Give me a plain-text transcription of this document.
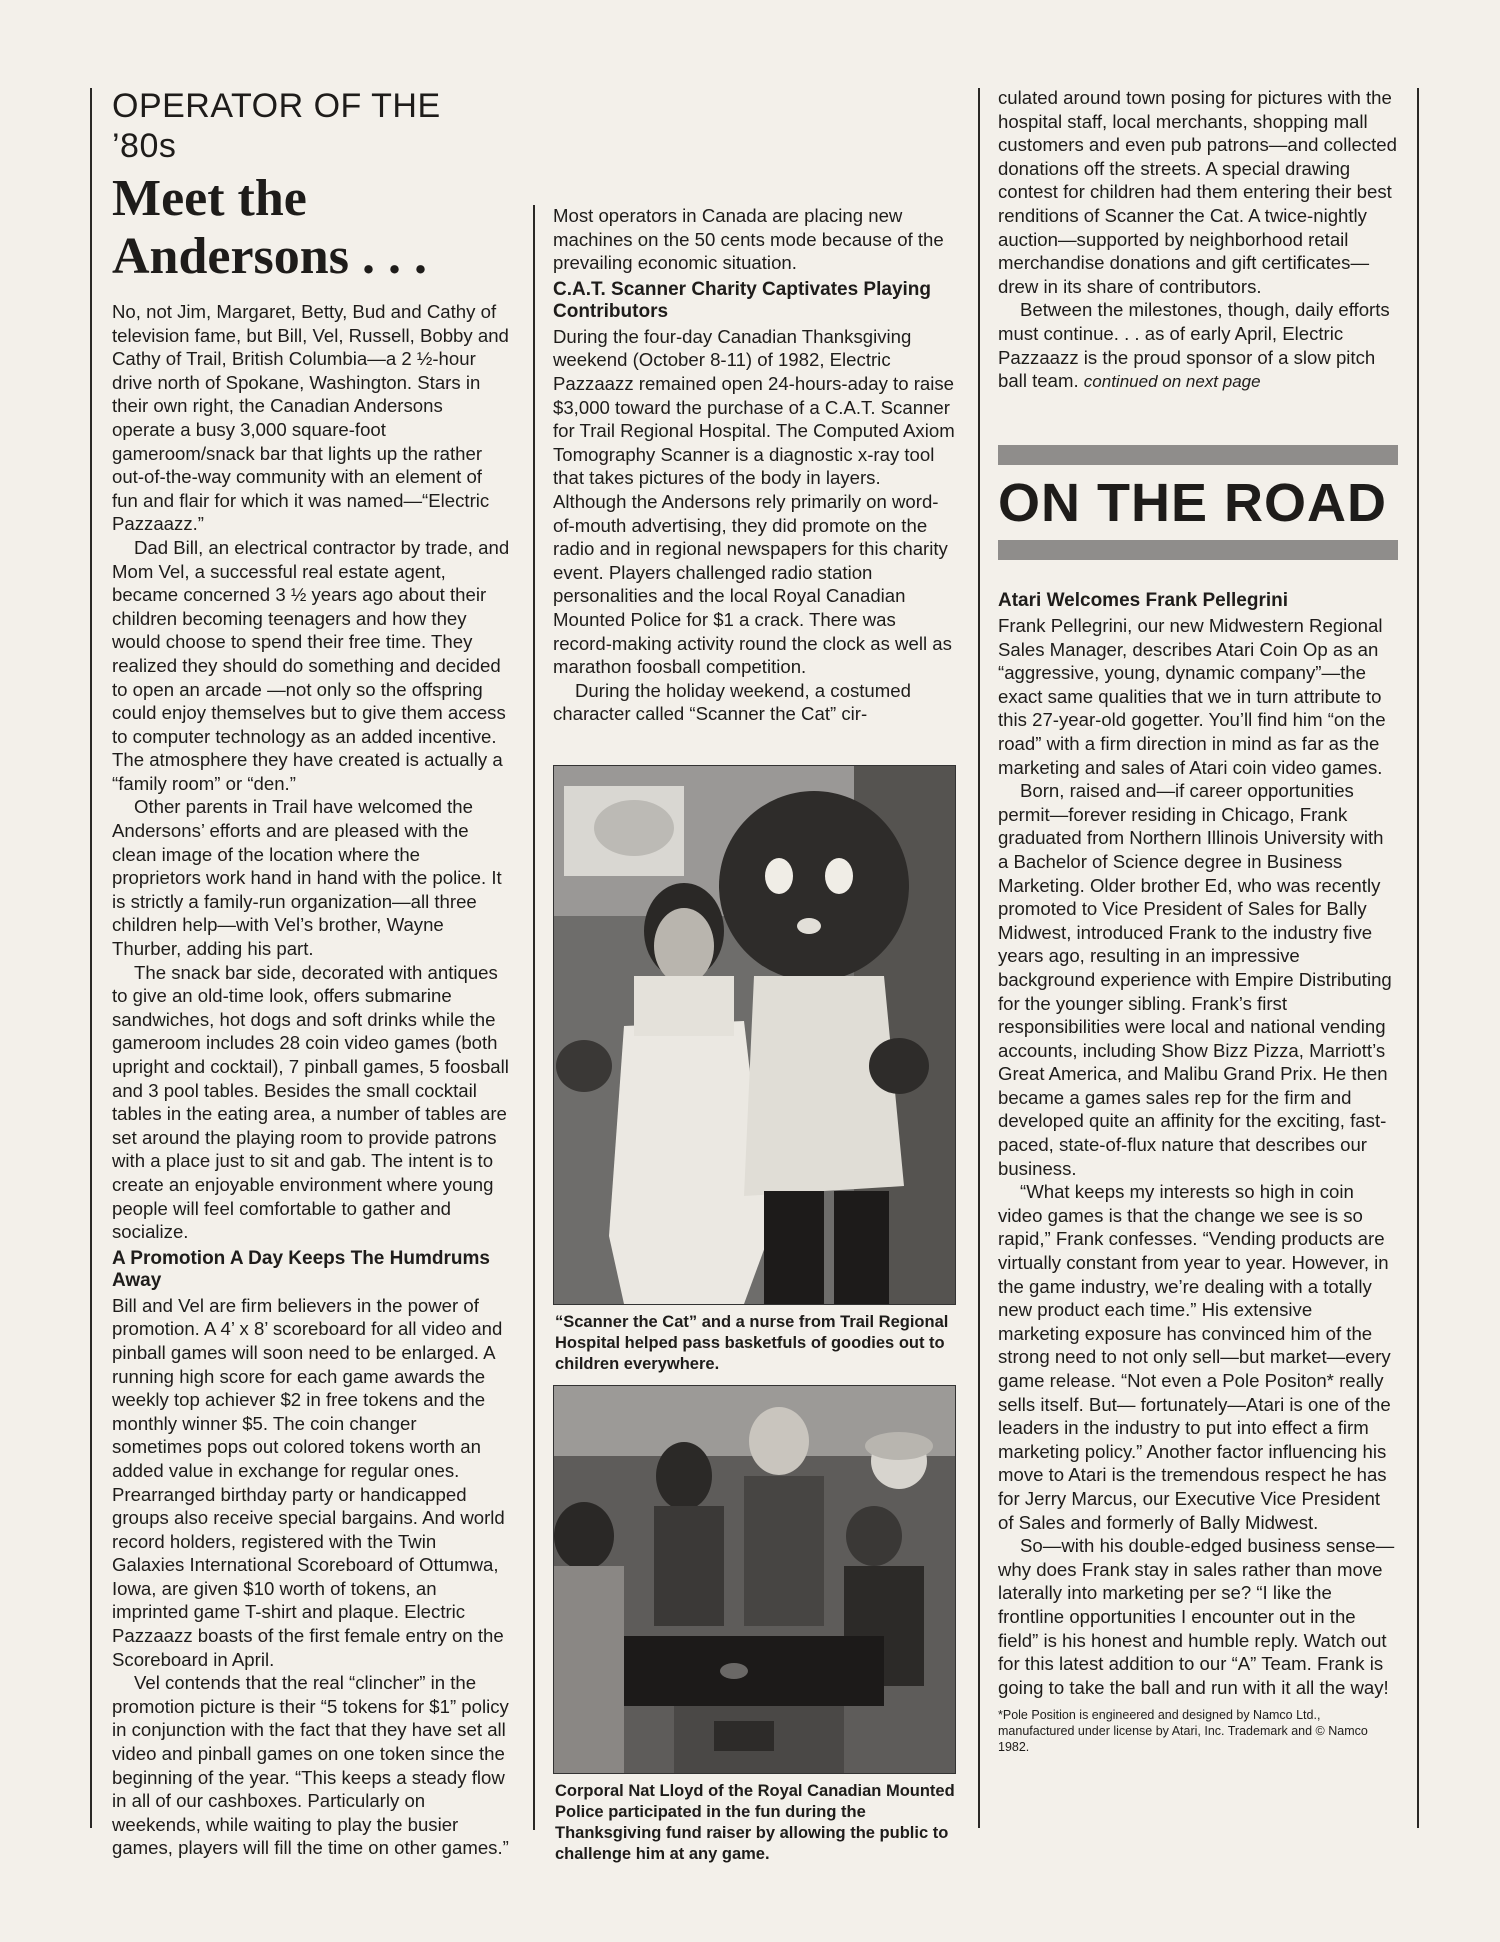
OPERATOR OF THE ’80s
Meet the Andersons . . .

No, not Jim, Margaret, Betty, Bud and Cathy of television fame, but Bill, Vel, Russell, Bobby and Cathy of Trail, British Columbia—a 2 ½-hour drive north of Spokane, Washington. Stars in their own right, the Canadian Andersons operate a busy 3,000 square-foot gameroom/snack bar that lights up the rather out-of-the-way community with an element of fun and flair for which it was named—“Electric Pazzaazz.”

Dad Bill, an electrical contractor by trade, and Mom Vel, a successful real estate agent, became concerned 3 ½ years ago about their children becoming teenagers and how they would choose to spend their free time. They realized they should do something and decided to open an arcade —not only so the offspring could enjoy themselves but to give them access to computer technology as an added incentive. The atmosphere they have created is actually a “family room” or “den.”

Other parents in Trail have welcomed the Andersons’ efforts and are pleased with the clean image of the location where the proprietors work hand in hand with the police. It is strictly a family-run organization—all three children help—with Vel’s brother, Wayne Thurber, adding his part.

The snack bar side, decorated with antiques to give an old-time look, offers submarine sandwiches, hot dogs and soft drinks while the gameroom includes 28 coin video games (both upright and cocktail), 7 pinball games, 5 foosball and 3 pool tables. Besides the small cocktail tables in the eating area, a number of tables are set around the playing room to provide patrons with a place just to sit and gab. The intent is to create an enjoyable environment where young people will feel comfortable to gather and socialize.

A Promotion A Day Keeps The Humdrums Away

Bill and Vel are firm believers in the power of promotion. A 4’ x 8’ scoreboard for all video and pinball games will soon need to be enlarged. A running high score for each game awards the weekly top achiever $2 in free tokens and the monthly winner $5. The coin changer sometimes pops out colored tokens worth an added value in exchange for regular ones. Prearranged birthday party or handicapped groups also receive special bargains. And world record holders, registered with the Twin Galaxies International Scoreboard of Ottumwa, Iowa, are given $10 worth of tokens, an imprinted game T-shirt and plaque. Electric Pazzaazz boasts of the first female entry on the Scoreboard in April.

Vel contends that the real “clincher” in the promotion picture is their “5 tokens for $1” policy in conjunction with the fact that they have set all video and pinball games on one token since the beginning of the year. “This keeps a steady flow in all of our cashboxes. Particularly on weekends, while waiting to play the busier games, players will fill the time on other games.”

Most operators in Canada are placing new machines on the 50 cents mode because of the prevailing economic situation.

C.A.T. Scanner Charity Captivates Playing Contributors

During the four-day Canadian Thanksgiving weekend (October 8-11) of 1982, Electric Pazzaazz remained open 24-hours-aday to raise $3,000 toward the purchase of a C.A.T. Scanner for Trail Regional Hospital. The Computed Axiom Tomography Scanner is a diagnostic x-ray tool that takes pictures of the body in layers. Although the Andersons rely primarily on word-of-mouth advertising, they did promote on the radio and in regional newspapers for this charity event. Players challenged radio station personalities and the local Royal Canadian Mounted Police for $1 a crack. There was record-making activity round the clock as well as marathon foosball competition.

During the holiday weekend, a costumed character called “Scanner the Cat” cir-

“Scanner the Cat” and a nurse from Trail Regional Hospital helped pass basketfuls of goodies out to children everywhere.
Corporal Nat Lloyd of the Royal Canadian Mounted Police participated in the fun during the Thanksgiving fund raiser by allowing the public to challenge him at any game.

culated around town posing for pictures with the hospital staff, local merchants, shopping mall customers and even pub patrons—and collected donations off the streets. A special drawing contest for children had them entering their best renditions of Scanner the Cat. A twice-nightly auction—supported by neighborhood retail merchandise donations and gift certificates—drew in its share of contributors.

Between the milestones, though, daily efforts must continue. . . as of early April, Electric Pazzaazz is the proud sponsor of a slow pitch ball team. continued on next page

ON THE ROAD
Atari Welcomes Frank Pellegrini

Frank Pellegrini, our new Midwestern Regional Sales Manager, describes Atari Coin Op as an “aggressive, young, dynamic company”—the exact same qualities that we in turn attribute to this 27-year-old gogetter. You’ll find him “on the road” with a firm direction in mind as far as the marketing and sales of Atari coin video games.

Born, raised and—if career opportunities permit—forever residing in Chicago, Frank graduated from Northern Illinois University with a Bachelor of Science degree in Business Marketing. Older brother Ed, who was recently promoted to Vice President of Sales for Bally Midwest, introduced Frank to the industry five years ago, resulting in an impressive background experience with Empire Distributing for the younger sibling. Frank’s first responsibilities were local and national vending accounts, including Show Bizz Pizza, Marriott’s Great America, and Malibu Grand Prix. He then became a games sales rep for the firm and developed quite an affinity for the exciting, fast-paced, state-of-flux nature that describes our business.

“What keeps my interests so high in coin video games is that the change we see is so rapid,” Frank confesses. “Vending products are virtually constant from year to year. However, in the game industry, we’re dealing with a totally new product each time.” His extensive marketing exposure has convinced him of the strong need to not only sell—but market—every game release. “Not even a Pole Positon* really sells itself. But— fortunately—Atari is one of the leaders in the industry to put into effect a firm marketing policy.” Another factor influencing his move to Atari is the tremendous respect he has for Jerry Marcus, our Executive Vice President of Sales and formerly of Bally Midwest.

So—with his double-edged business sense—why does Frank stay in sales rather than move laterally into marketing per se? “I like the frontline opportunities I encounter out in the field” is his honest and humble reply. Watch out for this latest addition to our “A” Team. Frank is going to take the ball and run with it all the way!

*Pole Position is engineered and designed by Namco Ltd., manufactured under license by Atari, Inc. Trademark and © Namco 1982.
